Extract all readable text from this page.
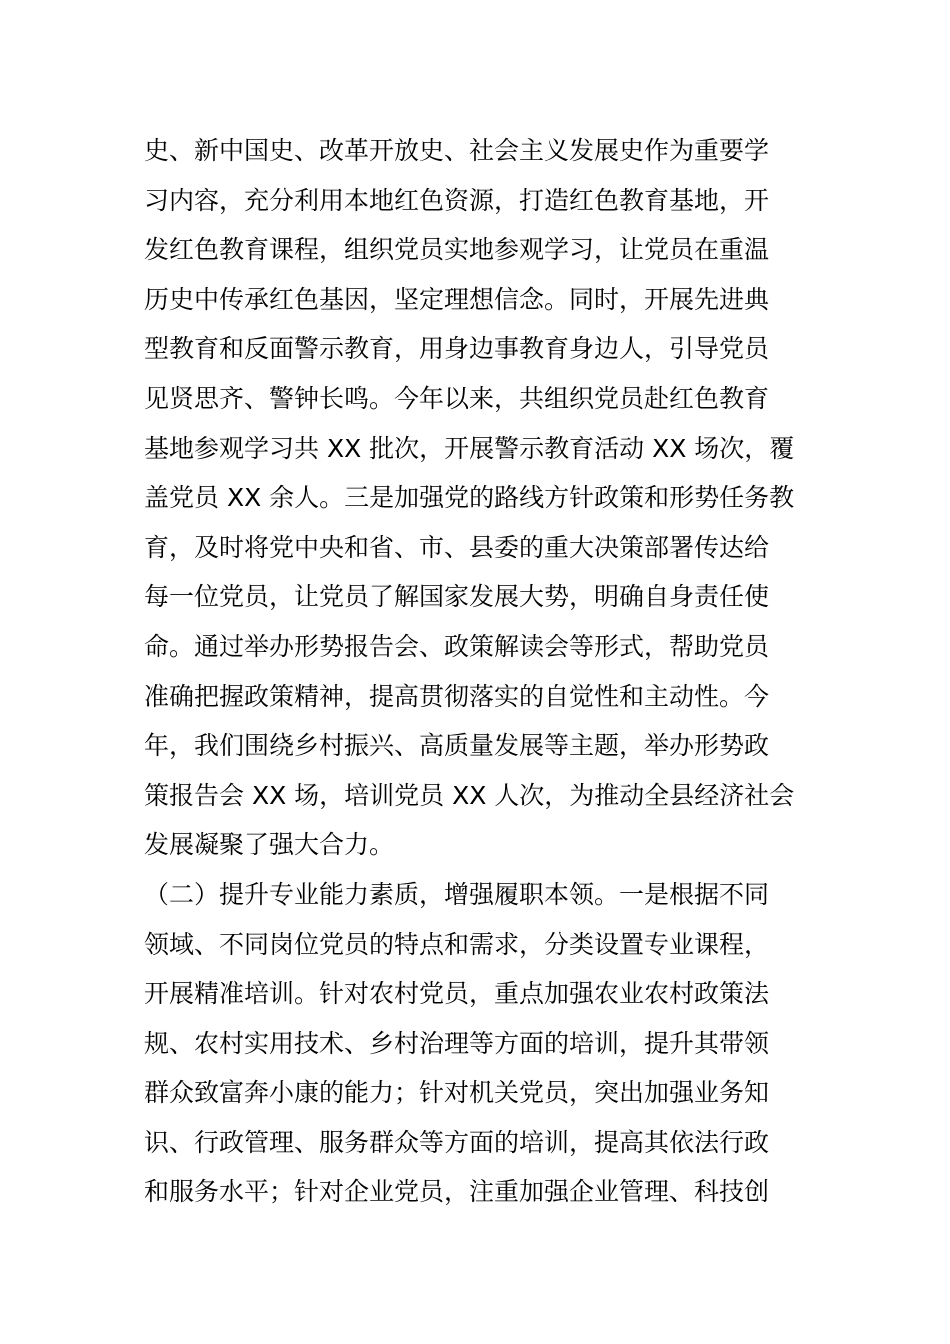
史、新中国史、改革开放史、社会主义发展史作为重要学
习内容，充分利用本地红色资源，打造红色教育基地，开
发红色教育课程，组织党员实地参观学习，让党员在重温
历史中传承红色基因，坚定理想信念。同时，开展先进典
型教育和反面警示教育，用身边事教育身边人，引导党员
见贤思齐、警钟长鸣。今年以来，共组织党员赴红色教育
基地参观学习共 XX 批次，开展警示教育活动 XX 场次，覆
盖党员 XX 余人。三是加强党的路线方针政策和形势任务教
育，及时将党中央和省、市、县委的重大决策部署传达给
每一位党员，让党员了解国家发展大势，明确自身责任使
命。通过举办形势报告会、政策解读会等形式，帮助党员
准确把握政策精神，提高贯彻落实的自觉性和主动性。今
年，我们围绕乡村振兴、高质量发展等主题，举办形势政
策报告会 XX 场，培训党员 XX 人次，为推动全县经济社会
发展凝聚了强大合力。
（二）提升专业能力素质，增强履职本领。一是根据不同
领域、不同岗位党员的特点和需求，分类设置专业课程，
开展精准培训。针对农村党员，重点加强农业农村政策法
规、农村实用技术、乡村治理等方面的培训，提升其带领
群众致富奔小康的能力；针对机关党员，突出加强业务知
识、行政管理、服务群众等方面的培训，提高其依法行政
和服务水平；针对企业党员，注重加强企业管理、科技创
